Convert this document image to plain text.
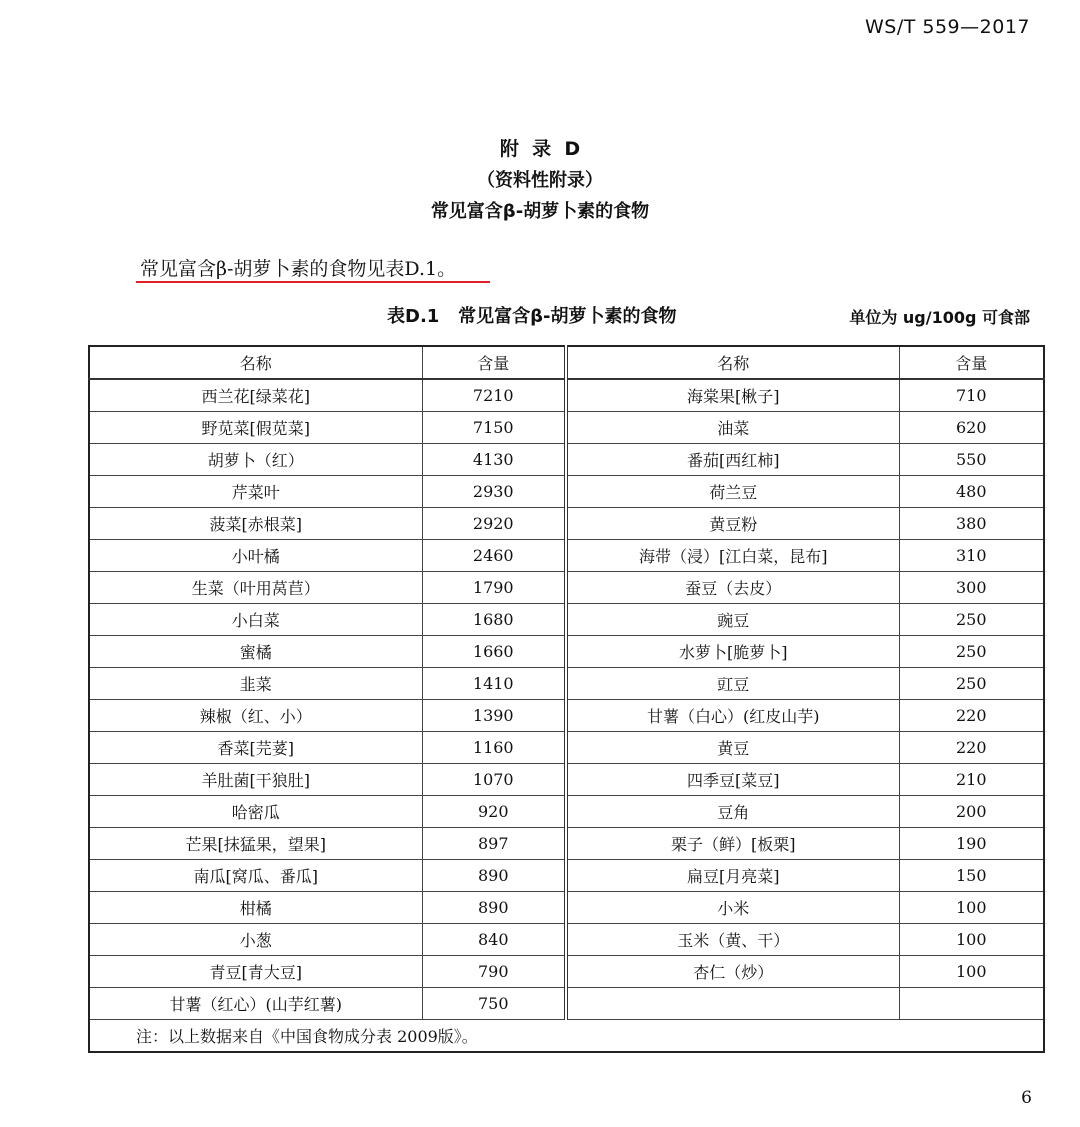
WS/T 559—2017
附  录  D
（资料性附录）
常见富含β-胡萝卜素的食物
常见富含β-胡萝卜素的食物见表D.1。
表D.1   常见富含β-胡萝卜素的食物	单位为 ug/100g 可食部
名称	含量	名称	含量
西兰花[绿菜花]	7210	海棠果[楸子]	710
野苋菜[假苋菜]	7150	油菜	620
胡萝卜（红）	4130	番茄[西红柿]	550
芹菜叶	2930	荷兰豆	480
菠菜[赤根菜]	2920	黄豆粉	380
小叶橘	2460	海带（浸）[江白菜，昆布]	310
生菜（叶用莴苣）	1790	蚕豆（去皮）	300
小白菜	1680	豌豆	250
蜜橘	1660	水萝卜[脆萝卜]	250
韭菜	1410	豇豆	250
辣椒（红、小）	1390	甘薯（白心）(红皮山芋)	220
香菜[芫荽]	1160	黄豆	220
羊肚菌[干狼肚]	1070	四季豆[菜豆]	210
哈密瓜	920	豆角	200
芒果[抹猛果，望果]	897	栗子（鲜）[板栗]	190
南瓜[窝瓜、番瓜]	890	扁豆[月亮菜]	150
柑橘	890	小米	100
小葱	840	玉米（黄、干）	100
青豆[青大豆]	790	杏仁（炒）	100
甘薯（红心）(山芋红薯)	750		
注：以上数据来自《中国食物成分表 2009版》。			
6
